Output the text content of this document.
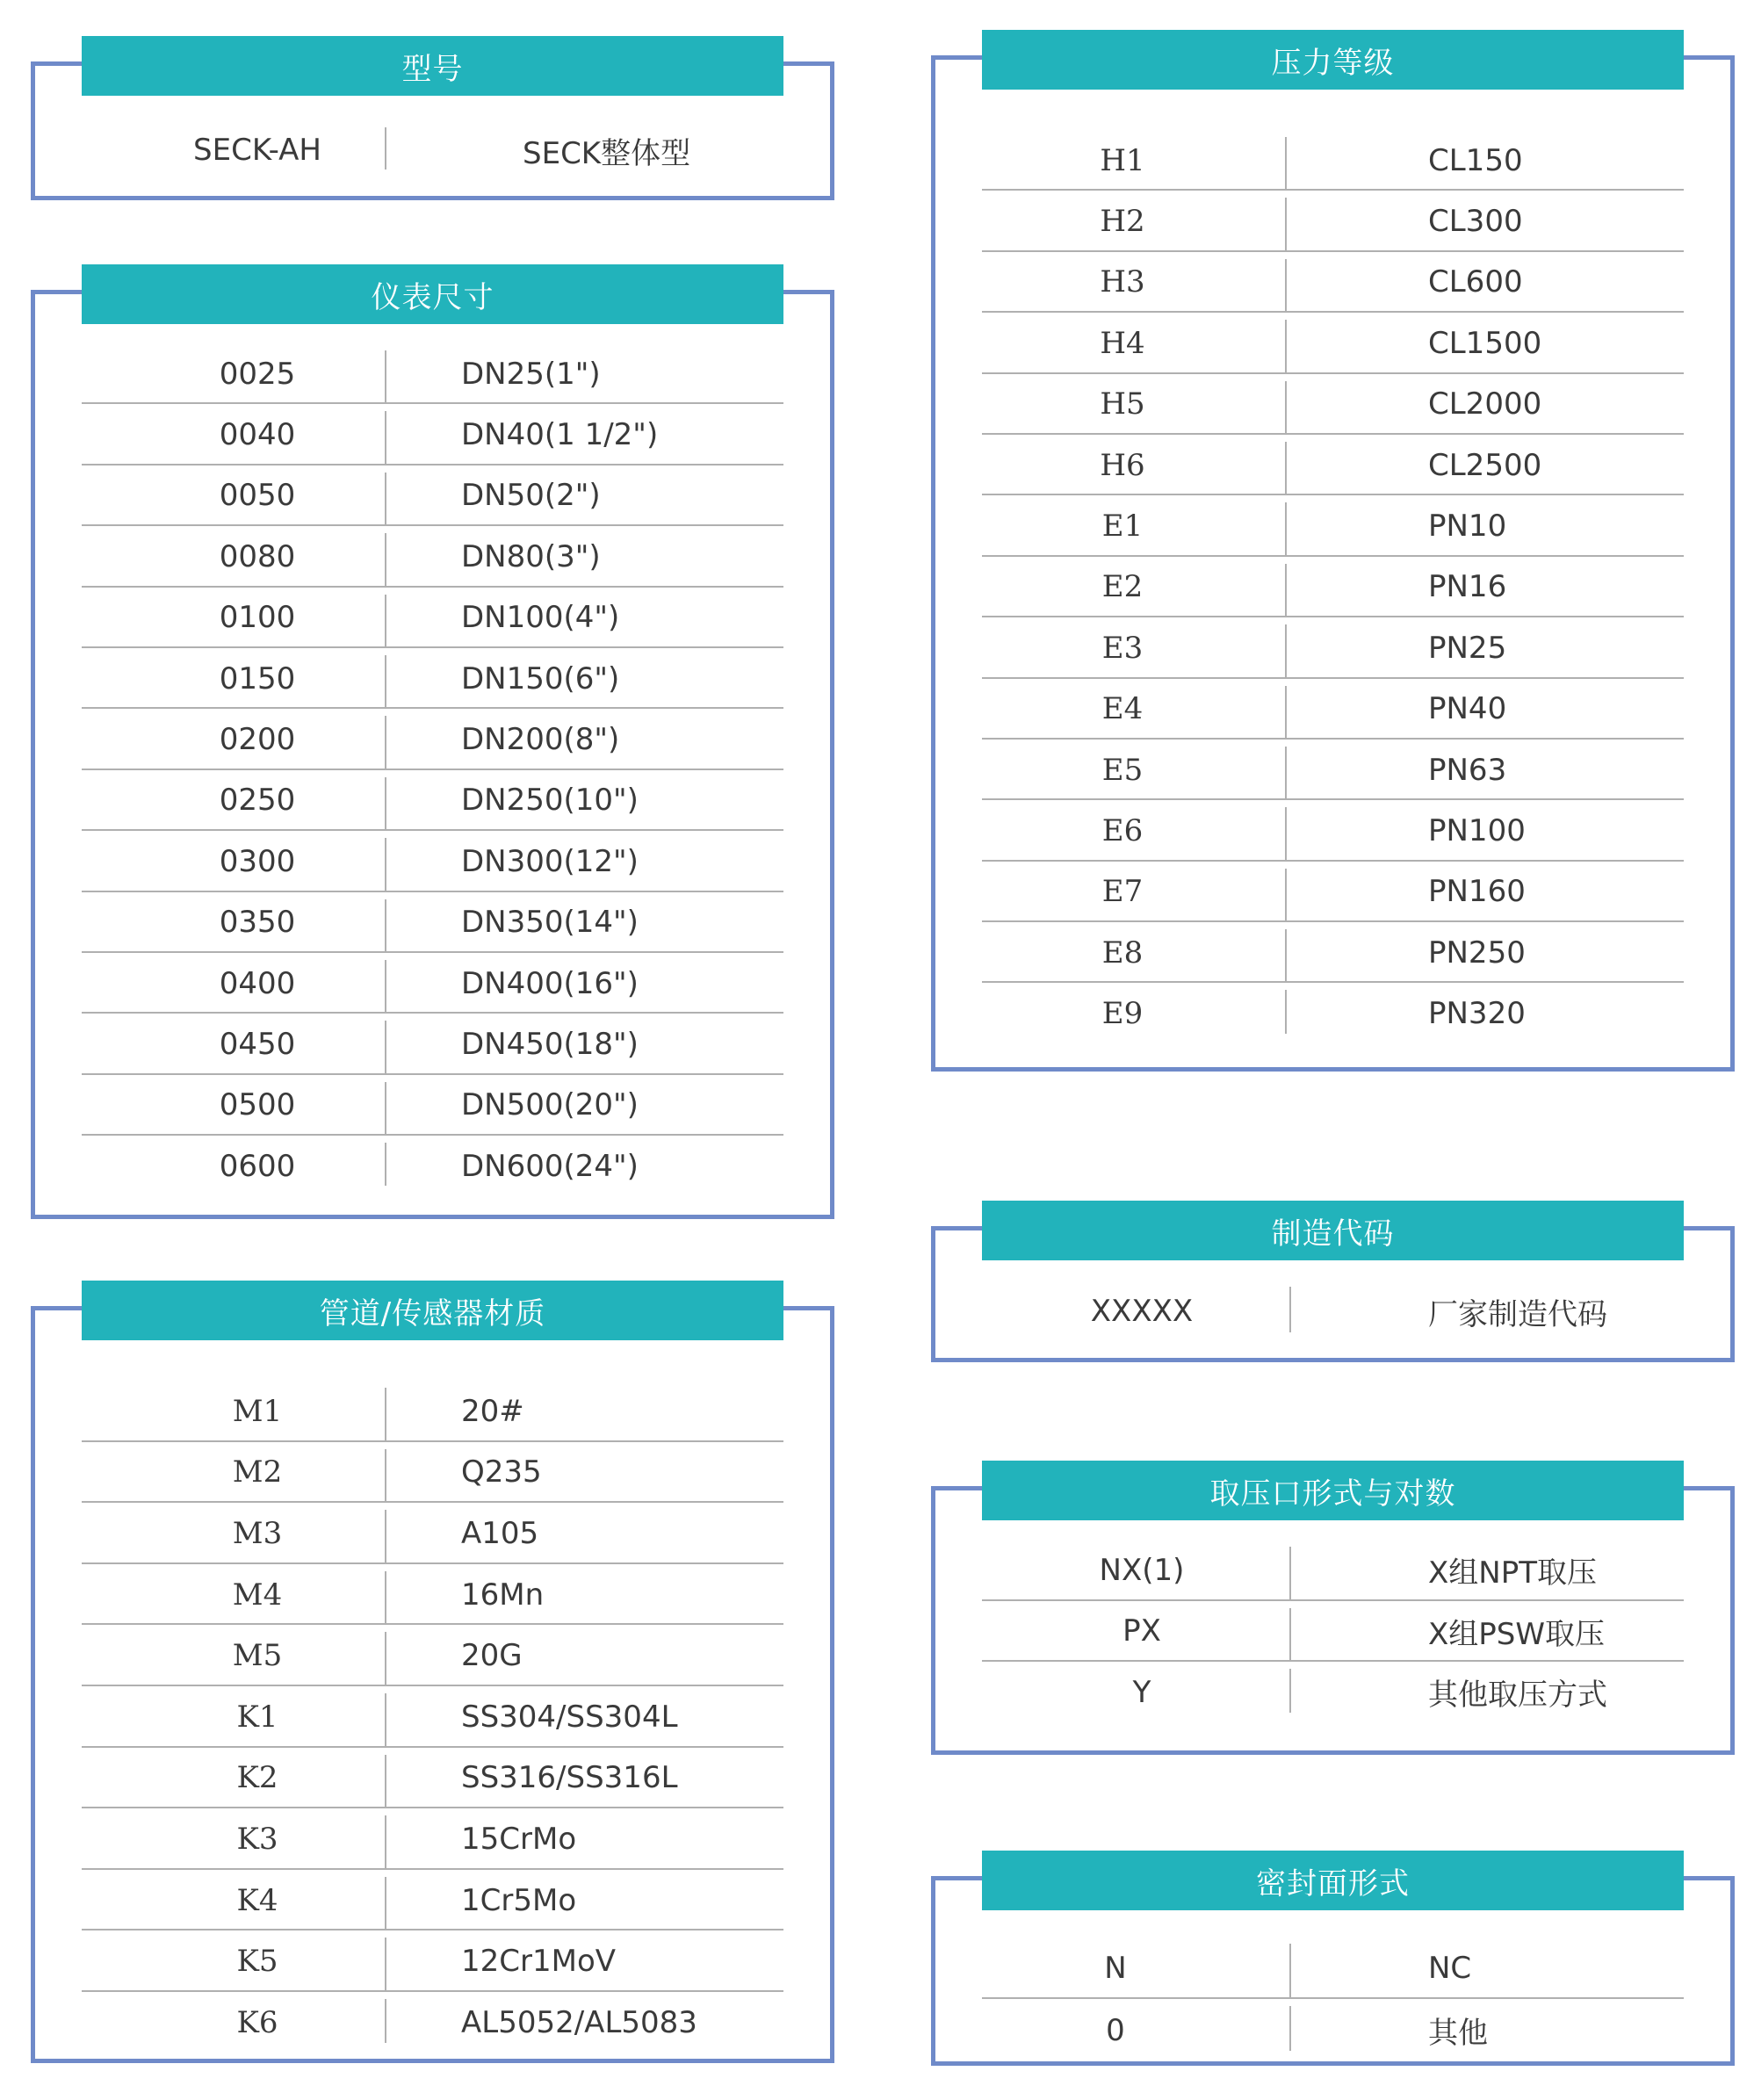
型号
SECK-AH	SECK整体型
仪表尺寸
0025	DN25(1")
0040	DN40(1 1/2")
0050	DN50(2")
0080	DN80(3")
0100	DN100(4")
0150	DN150(6")
0200	DN200(8")
0250	DN250(10")
0300	DN300(12")
0350	DN350(14")
0400	DN400(16")
0450	DN450(18")
0500	DN500(20")
0600	DN600(24")
管道/传感器材质
M1	20#
M2	Q235
M3	A105
M4	16Mn
M5	20G
K1	SS304/SS304L
K2	SS316/SS316L
K3	15CrMo
K4	1Cr5Mo
K5	12Cr1MoV
K6	AL5052/AL5083
压力等级
H1	CL150
H2	CL300
H3	CL600
H4	CL1500
H5	CL2000
H6	CL2500
E1	PN10
E2	PN16
E3	PN25
E4	PN40
E5	PN63
E6	PN100
E7	PN160
E8	PN250
E9	PN320
制造代码
XXXXX	厂家制造代码
取压口形式与对数
NX(1)	X组NPT取压
PX	X组PSW取压
Y	其他取压方式
密封面形式
N	NC
0	其他
